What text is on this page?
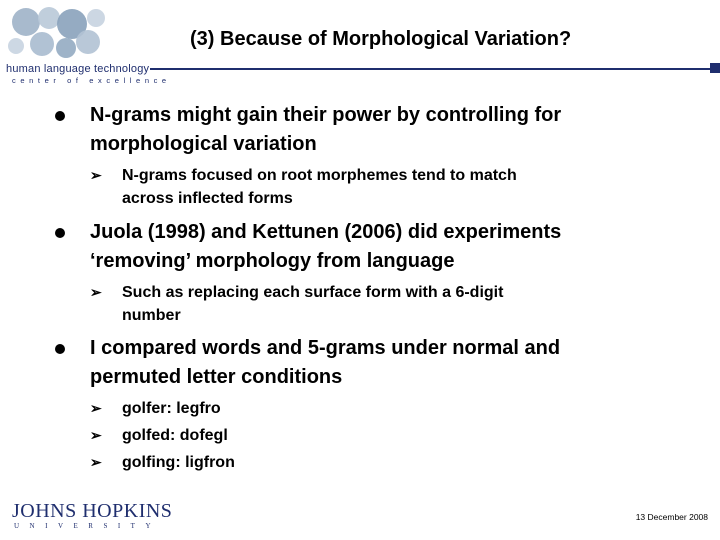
human language technology
center of excellence
(3) Because of Morphological Variation?
N-grams might gain their power by controlling for
morphological variation
➢ N-grams focused on root morphemes tend to match
across inflected forms
Juola (1998) and Kettunen (2006) did experiments
‘removing’ morphology from language
➢ Such as replacing each surface form with a 6-digit
number
I compared words and 5-grams under normal and
permuted letter conditions
➢ golfer: legfro
➢ golfed: dofegl
➢ golfing: ligfron
JOHNS HOPKINS
UNIVERSITY
13 December 2008
